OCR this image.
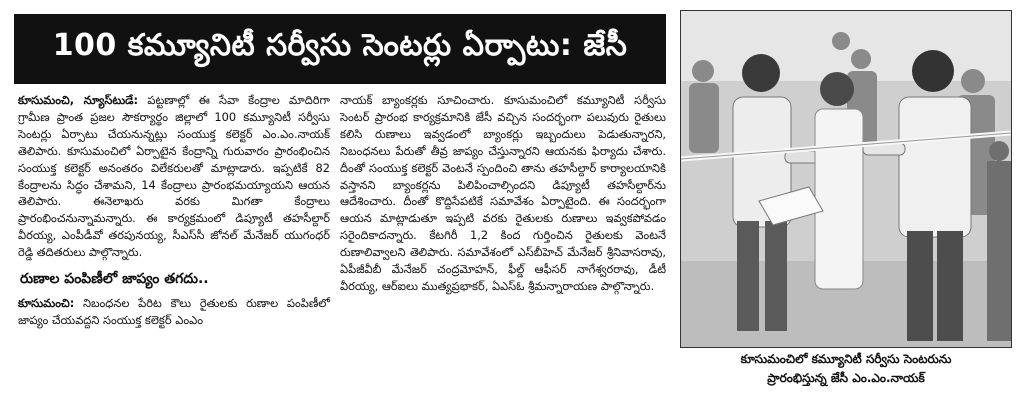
100 కమ్యూనిటీ సర్వీసు సెంటర్లు ఏర్పాటు: జేసీ

కూసుమంచి, న్యూస్‌టుడే: పట్టణాల్లో ఈ సేవా కేంద్రాల మాదిరిగా గ్రామీణ ప్రాంత ప్రజల సౌకర్యార్థం జిల్లాలో 100 కమ్యూనిటీ సర్వీసు సెంటర్లు ఏర్పాటు చేయనున్నట్లు సంయుక్త కలెక్టర్ ఎం.ఎం.నాయక్ తెలిపారు. కూసుమంచిలో ఏర్పాటైన కేంద్రాన్ని గురువారం ప్రారంభించిన సంయుక్త కలెక్టర్ అనంతరం విలేకరులతో మాట్లాడారు. ఇప్పటికే 82 కేంద్రాలను సిద్ధం చేశామని, 14 కేంద్రాలు ప్రారంభమయ్యాయని ఆయన తెలిపారు. ఈనెలాఖరు వరకు మిగతా కేంద్రాలు ప్రారంభించనున్నామన్నారు. ఈ కార్యక్రమంలో డిప్యూటీ తహసీల్దార్ వీరయ్య, ఎంపీడీవో తరపునయ్య, సీఎస్‌సీ జోనల్ మేనేజర్ యుగంధర్ రెడ్డి తదితరులు పాల్గొన్నారు.

రుణాల పంపిణీలో జాప్యం తగదు..

కూసుమంచి: నిబంధనల పేరిట కౌలు రైతులకు రుణాల పంపిణీలో జాప్యం చేయవద్దని సంయుక్త కలెక్టర్ ఎంఎం

నాయక్ బ్యాంకర్లకు సూచించారు. కూసుమంచిలో కమ్యూనిటీ సర్వీసు సెంటర్ ప్రారంభ కార్యక్రమానికి జేసీ వచ్చిన సందర్భంగా పలువురు రైతులు కలిసి రుణాలు ఇవ్వడంలో బ్యాంకర్లు ఇబ్బందులు పెడుతున్నారని, నిబంధనలు పేరుతో తీవ్ర జాప్యం చేస్తున్నారని ఆయనకు ఫిర్యాదు చేశారు. దీంతో సంయుక్త కలెక్టర్ వెంటనే స్పందించి తాను తహసీల్దార్ కార్యాలయానికి వస్తానని బ్యాంకర్లను పిలిపించాల్సిందని డిప్యూటీ తహసీల్దార్‌ను ఆదేశించారు. దీంతో కొద్దిసేపటికే సమావేశం ఏర్పాటైంది. ఈ సందర్భంగా ఆయన మాట్లాడుతూ ఇప్పటి వరకు రైతులకు రుణాలు ఇవ్వకపోవడం సరైందికాదన్నారు. కేటగిరీ 1,2 కింద గుర్తించిన రైతులకు వెంటనే రుణాలివ్వాలని తెలిపారు. సమావేశంలో ఎస్‌బీహెచ్ మేనేజర్ శ్రీనివాసరావు, ఏపీజీవీబీ మేనేజర్ చంద్రమోహన్, ఫీల్డ్ ఆఫీసర్ నాగేశ్వరరావు, డీటీ వీరయ్య, ఆర్‌ఐలు ముత్యప్రభాకర్, ఏఎస్‌ఓ శ్రీమన్నారాయణ పాల్గొన్నారు.

కూసుమంచిలో కమ్యూనిటీ సర్వీసు సెంటరును
ప్రారంభిస్తున్న జేసీ ఎం.ఎం.నాయక్
